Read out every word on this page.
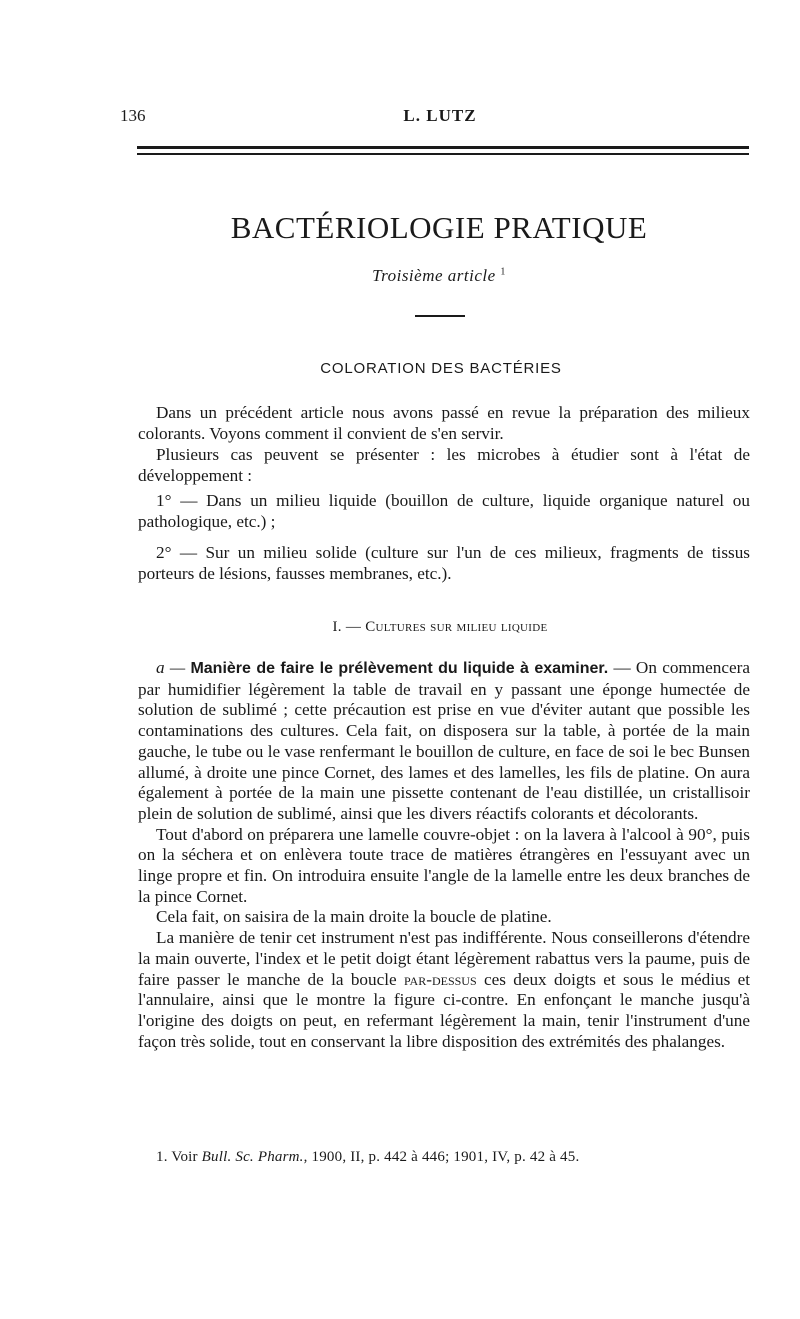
136	L. LUTZ
BACTÉRIOLOGIE PRATIQUE
Troisième article $^1$
COLORATION DES BACTÉRIES

Dans un précédent article nous avons passé en revue la préparation des milieux colorants. Voyons comment il convient de s'en servir.

Plusieurs cas peuvent se présenter : les microbes à étudier sont à l'état de développement :

1° — Dans un milieu liquide (bouillon de culture, liquide organique naturel ou pathologique, etc.) ;

2° — Sur un milieu solide (culture sur l'un de ces milieux, fragments de tissus porteurs de lésions, fausses membranes, etc.).

I. — Cultures sur milieu liquide

a — Manière de faire le prélèvement du liquide à examiner. — On commencera par humidifier légèrement la table de travail en y passant une éponge humectée de solution de sublimé ; cette précaution est prise en vue d'éviter autant que possible les contaminations des cultures. Cela fait, on disposera sur la table, à portée de la main gauche, le tube ou le vase renfermant le bouillon de culture, en face de soi le bec Bunsen allumé, à droite une pince Cornet, des lames et des lamelles, les fils de platine. On aura également à portée de la main une pissette contenant de l'eau distillée, un cristallisoir plein de solution de sublimé, ainsi que les divers réactifs colorants et décolorants.

Tout d'abord on préparera une lamelle couvre-objet : on la lavera à l'alcool à 90°, puis on la séchera et on enlèvera toute trace de matières étrangères en l'essuyant avec un linge propre et fin. On introduira ensuite l'angle de la lamelle entre les deux branches de la pince Cornet.

Cela fait, on saisira de la main droite la boucle de platine.

La manière de tenir cet instrument n'est pas indifférente. Nous conseillerons d'étendre la main ouverte, l'index et le petit doigt étant légèrement rabattus vers la paume, puis de faire passer le manche de la boucle par-dessus ces deux doigts et sous le médius et l'annulaire, ainsi que le montre la figure ci-contre. En enfonçant le manche jusqu'à l'origine des doigts on peut, en refermant légèrement la main, tenir l'instrument d'une façon très solide, tout en conservant la libre disposition des extrémités des phalanges.

1. Voir Bull. Sc. Pharm., 1900, II, p. 442 à 446; 1901, IV, p. 42 à 45.
